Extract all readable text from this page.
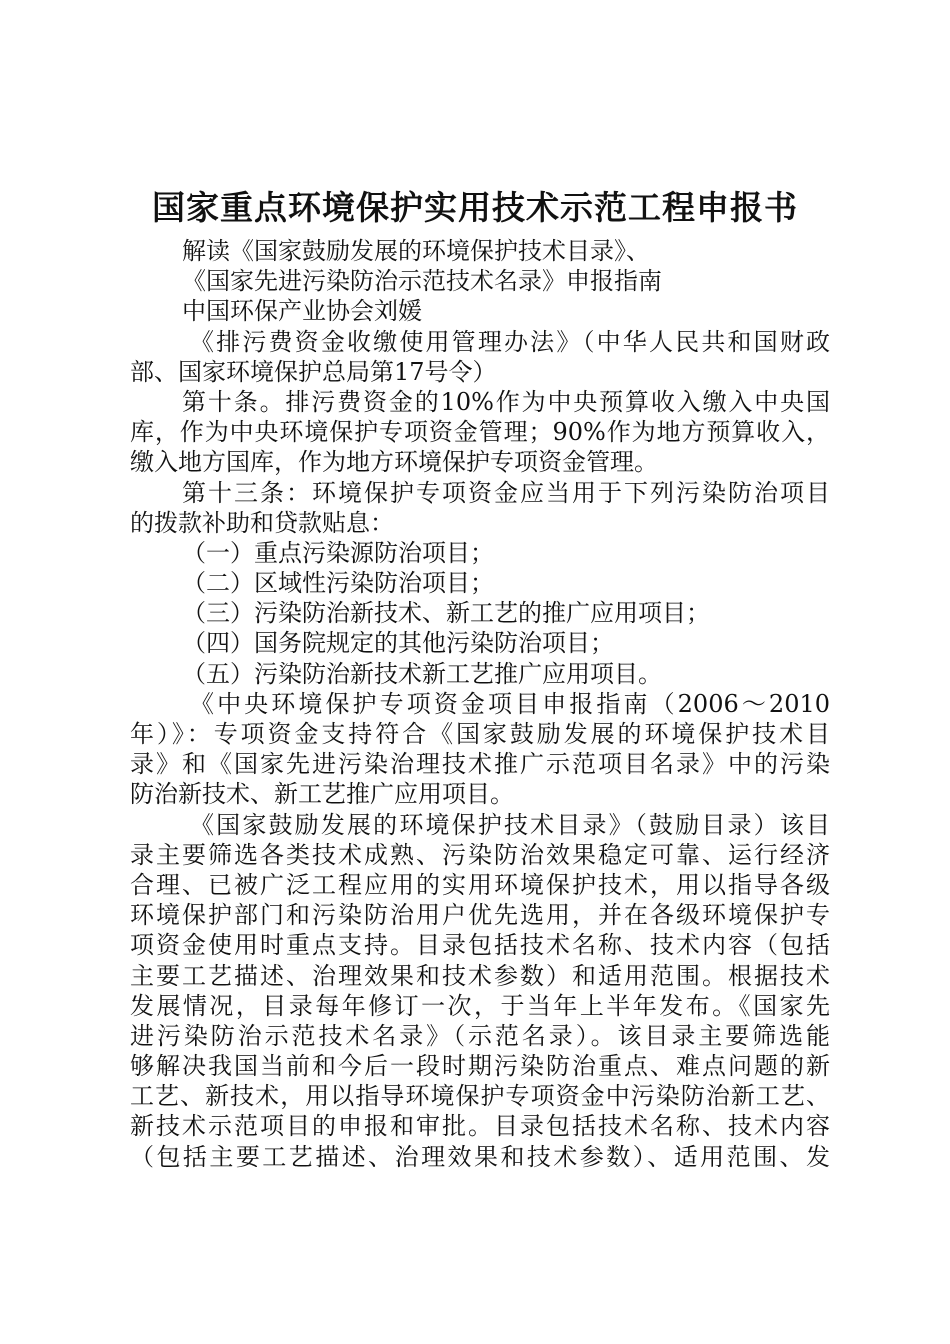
国家重点环境保护实用技术示范工程申报书
解读《国家鼓励发展的环境保护技术目录》、
《国家先进污染防治示范技术名录》申报指南
中国环保产业协会刘媛
《排污费资金收缴使用管理办法》（中华人民共和国财政
部、国家环境保护总局第17号令）
第十条。排污费资金的10%作为中央预算收入缴入中央国
库，作为中央环境保护专项资金管理；90%作为地方预算收入，
缴入地方国库，作为地方环境保护专项资金管理。
第十三条：环境保护专项资金应当用于下列污染防治项目
的拨款补助和贷款贴息：
（一）重点污染源防治项目；
（二）区域性污染防治项目；
（三）污染防治新技术、新工艺的推广应用项目；
（四）国务院规定的其他污染防治项目；
（五）污染防治新技术新工艺推广应用项目。
《中央环境保护专项资金项目申报指南（2006～2010
年）》：专项资金支持符合《国家鼓励发展的环境保护技术目
录》和《国家先进污染治理技术推广示范项目名录》中的污染
防治新技术、新工艺推广应用项目。
《国家鼓励发展的环境保护技术目录》（鼓励目录）该目
录主要筛选各类技术成熟、污染防治效果稳定可靠、运行经济
合理、已被广泛工程应用的实用环境保护技术，用以指导各级
环境保护部门和污染防治用户优先选用，并在各级环境保护专
项资金使用时重点支持。目录包括技术名称、技术内容（包括
主要工艺描述、治理效果和技术参数）和适用范围。根据技术
发展情况，目录每年修订一次，于当年上半年发布。《国家先
进污染防治示范技术名录》（示范名录）。该目录主要筛选能
够解决我国当前和今后一段时期污染防治重点、难点问题的新
工艺、新技术，用以指导环境保护专项资金中污染防治新工艺、
新技术示范项目的申报和审批。目录包括技术名称、技术内容
（包括主要工艺描述、治理效果和技术参数）、适用范围、发
